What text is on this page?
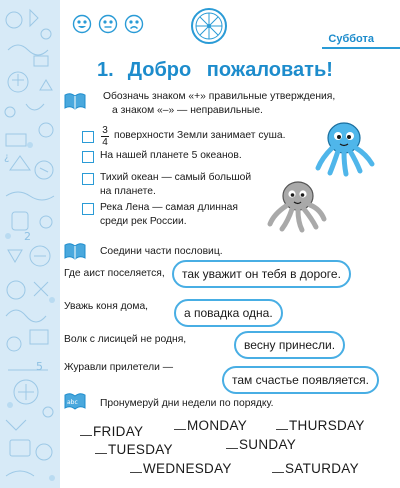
¿
2
5
Суббота
1. Добро пожаловать!
Обозначь знаком «+» правильные утверждения,
а знаком «–» — неправильные.
3
4
поверхности Земли занимает суша.
На нашей планете 5 океанов.
Тихий океан — самый большой
на планете.
Река Лена — самая длинная
среди рек России.
Соедини части пословиц.
Где аист поселяется,
Уважь коня дома,
Волк с лисицей не родня,
Журавли прилетели —
так уважит он тебя в дороге.
а повадка одна.
весну принесли.
там счастье появляется.
abc Пронумеруй дни недели по порядку.
FRIDAY	MONDAY	THURSDAY
TUESDAY	SUNDAY
WEDNESDAY	SATURDAY
